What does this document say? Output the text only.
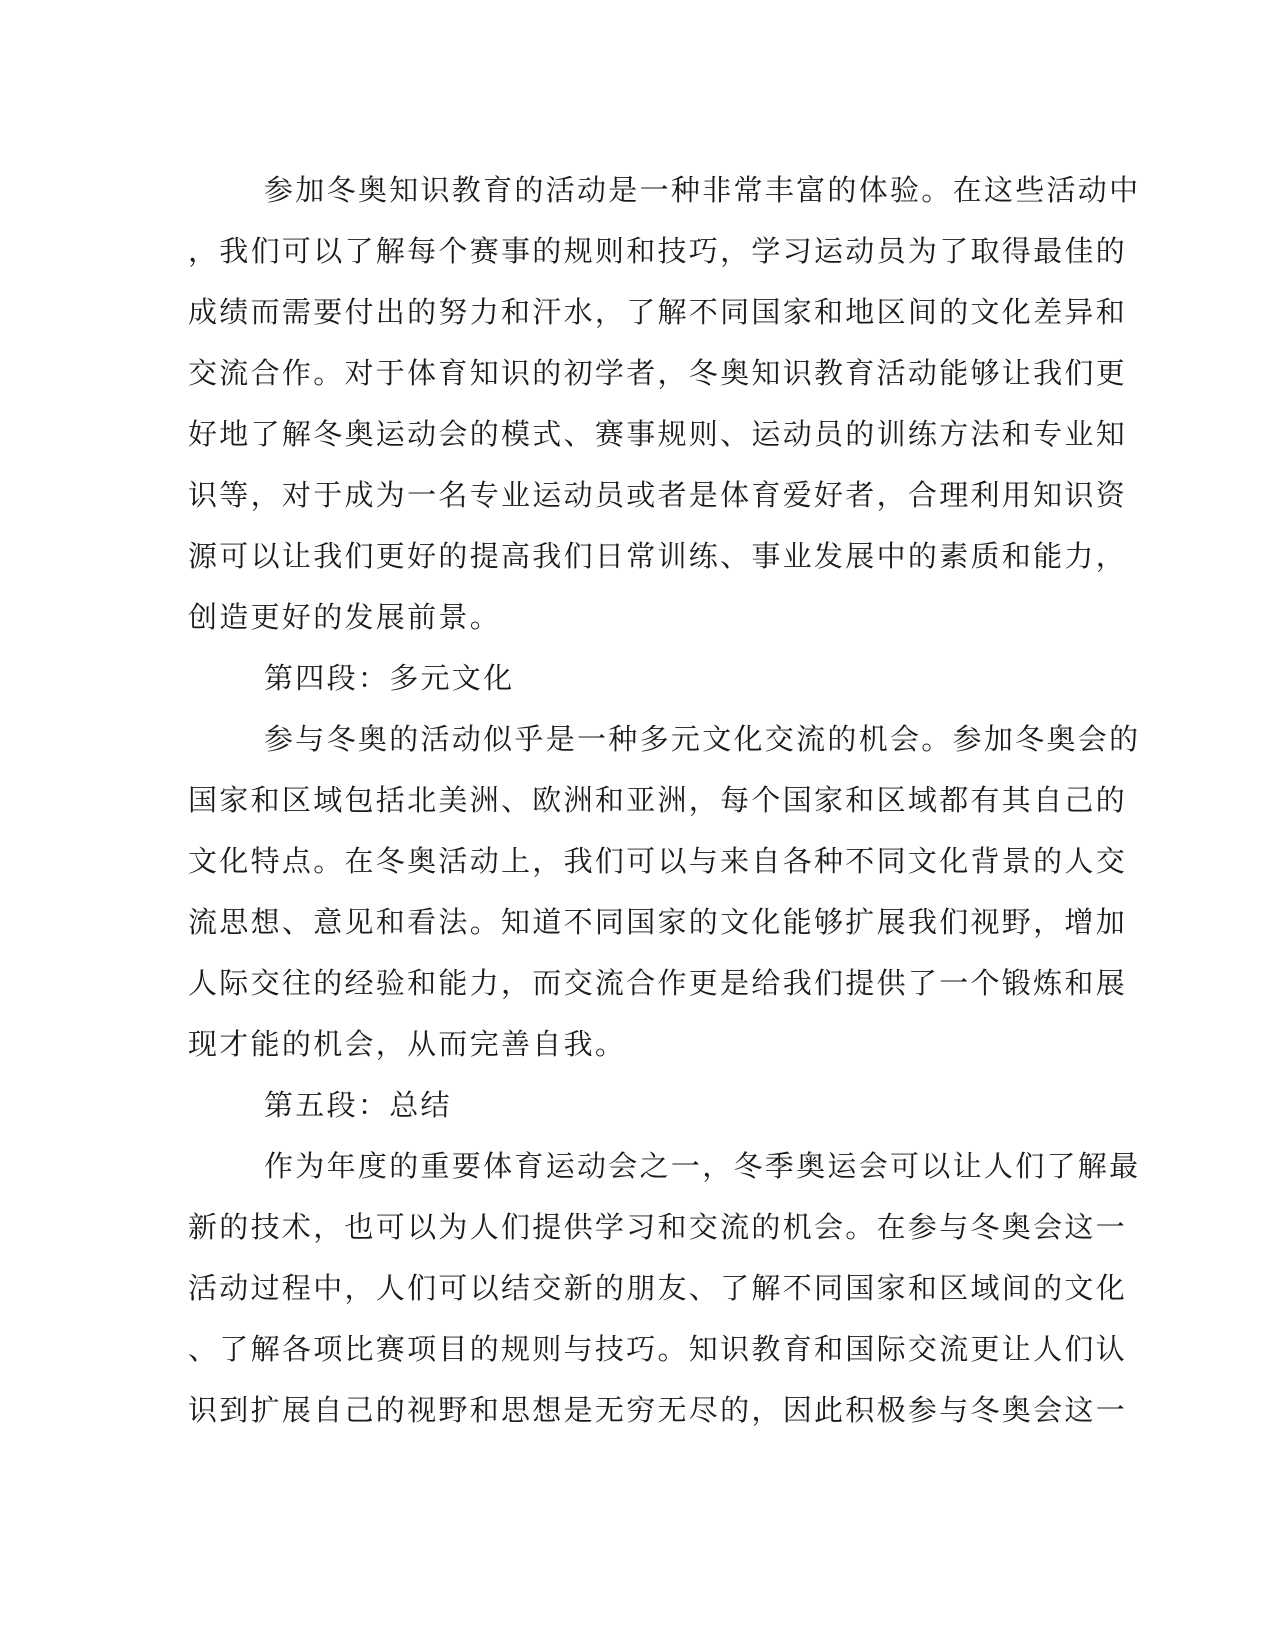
参加冬奥知识教育的活动是一种非常丰富的体验。在这些活动中
，我们可以了解每个赛事的规则和技巧，学习运动员为了取得最佳的
成绩而需要付出的努力和汗水，了解不同国家和地区间的文化差异和
交流合作。对于体育知识的初学者，冬奥知识教育活动能够让我们更
好地了解冬奥运动会的模式、赛事规则、运动员的训练方法和专业知
识等，对于成为一名专业运动员或者是体育爱好者，合理利用知识资
源可以让我们更好的提高我们日常训练、事业发展中的素质和能力，
创造更好的发展前景。
第四段：多元文化
参与冬奥的活动似乎是一种多元文化交流的机会。参加冬奥会的
国家和区域包括北美洲、欧洲和亚洲，每个国家和区域都有其自己的
文化特点。在冬奥活动上，我们可以与来自各种不同文化背景的人交
流思想、意见和看法。知道不同国家的文化能够扩展我们视野，增加
人际交往的经验和能力，而交流合作更是给我们提供了一个锻炼和展
现才能的机会，从而完善自我。
第五段：总结
作为年度的重要体育运动会之一，冬季奥运会可以让人们了解最
新的技术，也可以为人们提供学习和交流的机会。在参与冬奥会这一
活动过程中，人们可以结交新的朋友、了解不同国家和区域间的文化
、了解各项比赛项目的规则与技巧。知识教育和国际交流更让人们认
识到扩展自己的视野和思想是无穷无尽的，因此积极参与冬奥会这一
